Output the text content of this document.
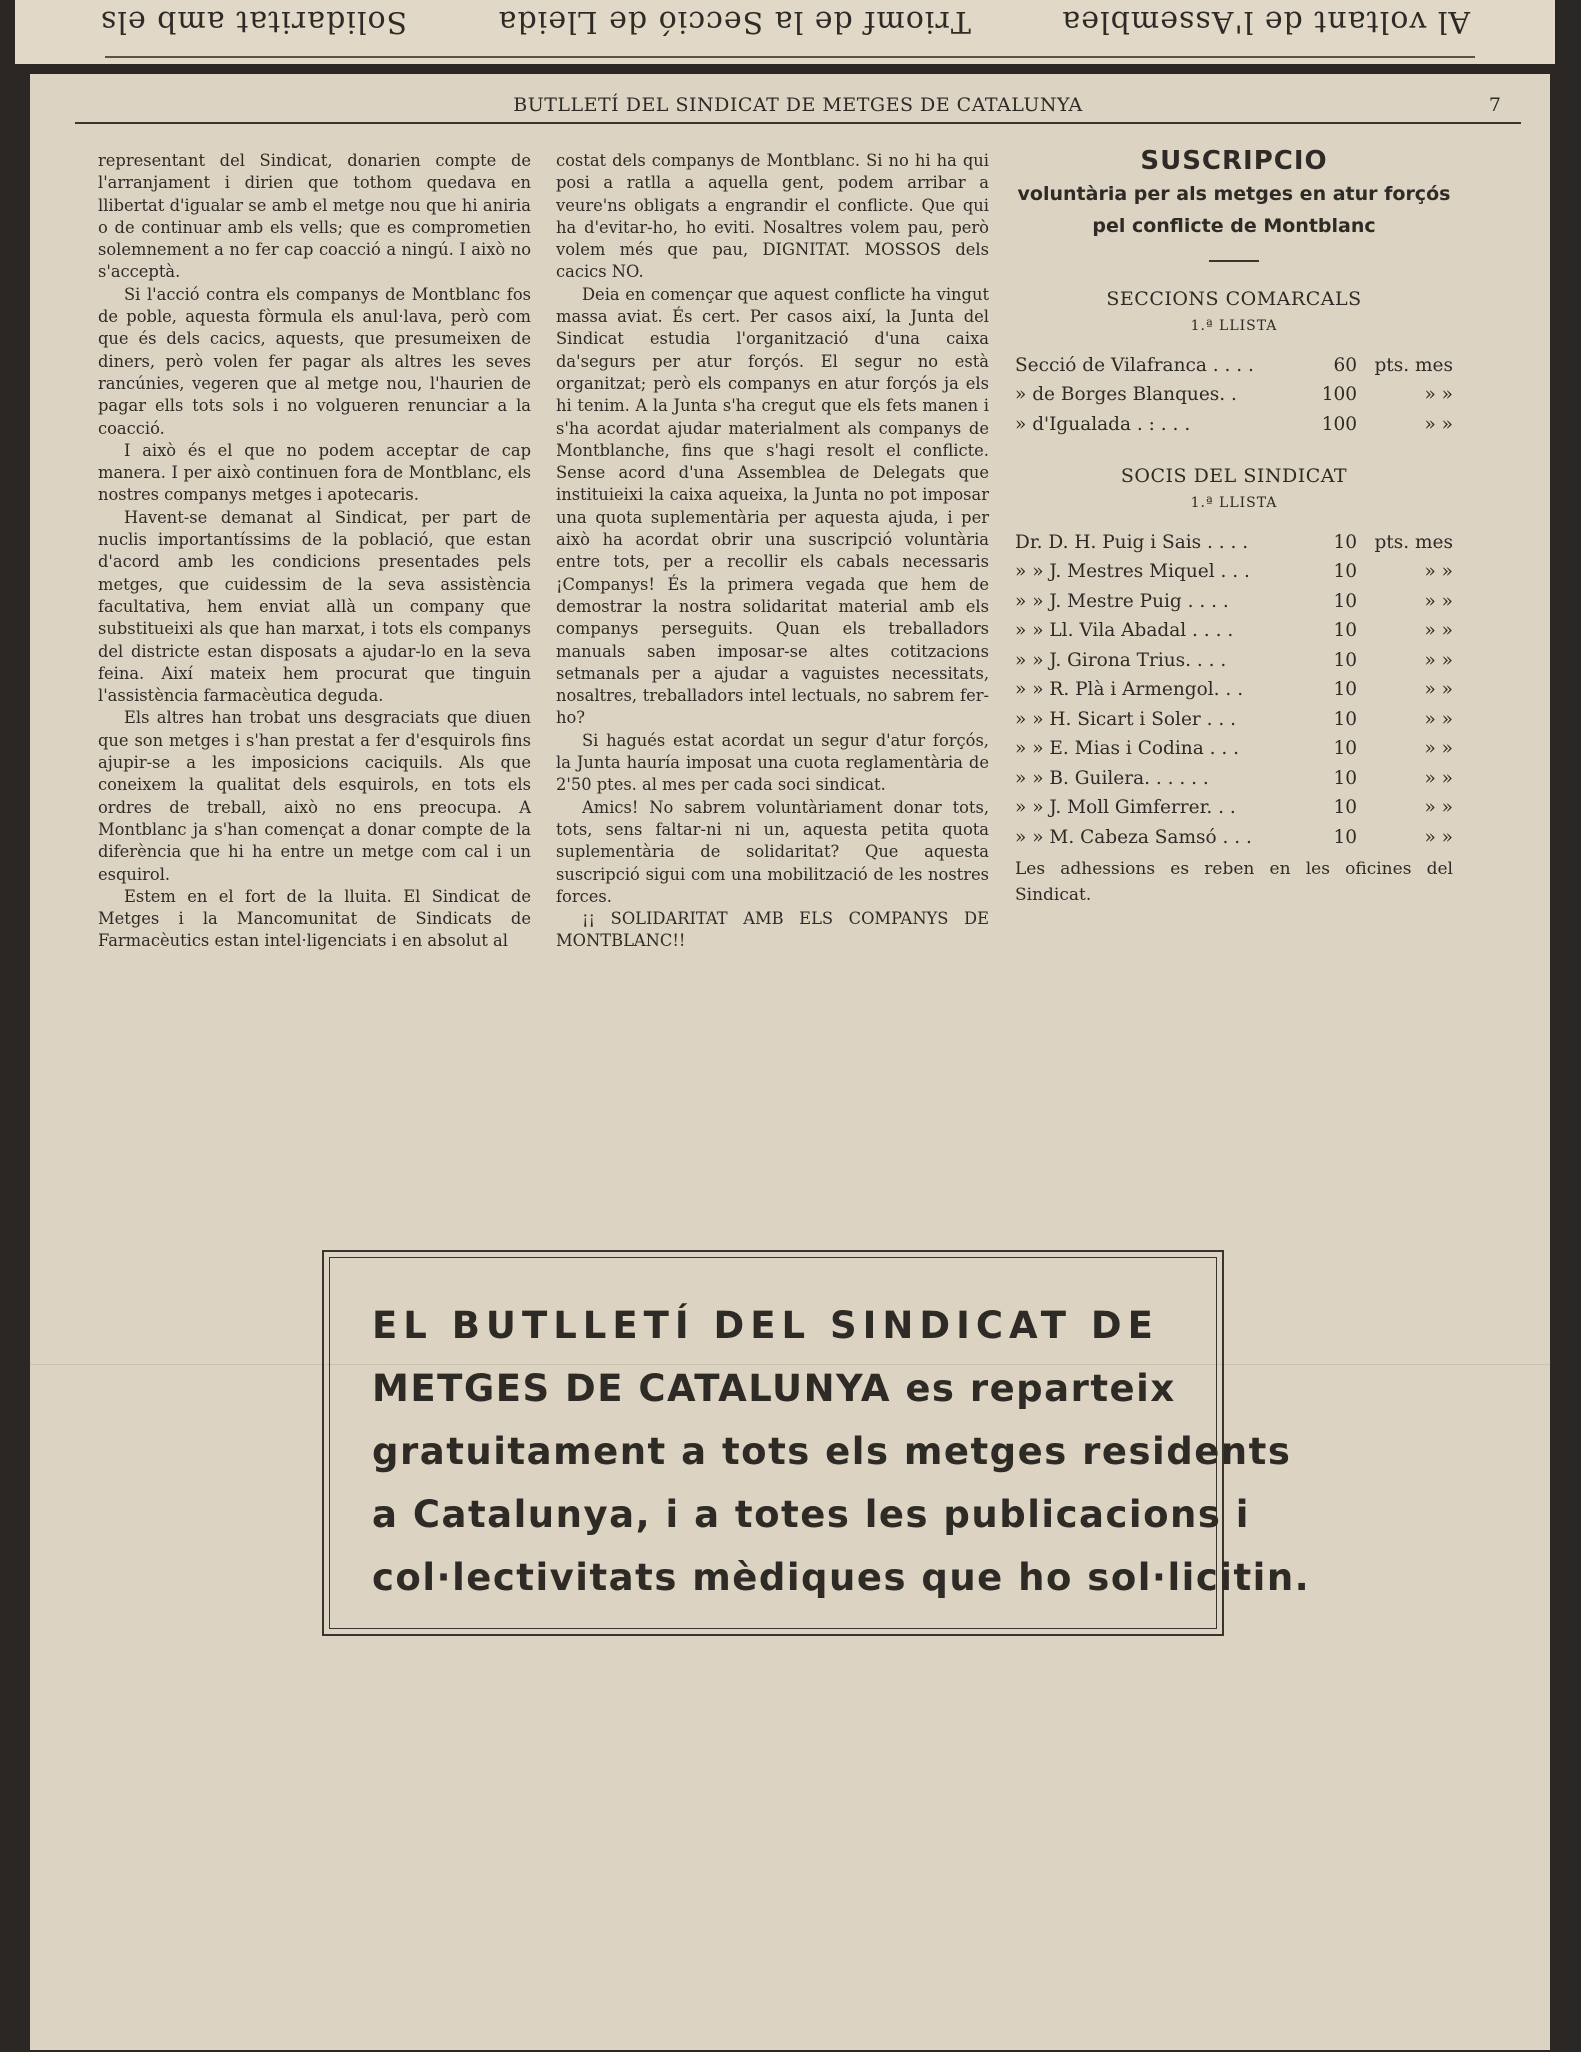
Al voltant de l'Assemblea Triomf de la Secció de Lleida Solidaritat amb els
BUTLLETÍ DEL SINDICAT DE METGES DE CATALUNYA	7

representant del Sindicat, donarien compte de l'arranjament i dirien que tothom quedava en llibertat d'igualar se amb el metge nou que hi aniria o de continuar amb els vells; que es comprometien solemnement a no fer cap coacció a ningú. I això no s'acceptà.

Si l'acció contra els companys de Montblanc fos de poble, aquesta fòrmula els anul·lava, però com que és dels cacics, aquests, que presumeixen de diners, però volen fer pagar als altres les seves rancúnies, vegeren que al metge nou, l'haurien de pagar ells tots sols i no volgueren renunciar a la coacció.

I això és el que no podem acceptar de cap manera. I per això continuen fora de Montblanc, els nostres companys metges i apotecaris.

Havent-se demanat al Sindicat, per part de nuclis importantíssims de la població, que estan d'acord amb les condicions presentades pels metges, que cuidessim de la seva assistència facultativa, hem enviat allà un company que substitueixi als que han marxat, i tots els companys del districte estan disposats a ajudar-lo en la seva feina. Així mateix hem procurat que tinguin l'assistència farmacèutica deguda.

Els altres han trobat uns desgraciats que diuen que son metges i s'han prestat a fer d'esquirols fins ajupir-se a les imposicions caciquils. Als que coneixem la qualitat dels esquirols, en tots els ordres de treball, això no ens preocupa. A Montblanc ja s'han començat a donar compte de la diferència que hi ha entre un metge com cal i un esquirol.

Estem en el fort de la lluita. El Sindicat de Metges i la Mancomunitat de Sindicats de Farmacèutics estan intel·ligenciats i en absolut al

costat dels companys de Montblanc. Si no hi ha qui posi a ratlla a aquella gent, podem arribar a veure'ns obligats a engrandir el conflicte. Que qui ha d'evitar-ho, ho eviti. Nosaltres volem pau, però volem més que pau, DIGNITAT. MOSSOS dels cacics NO.

Deia en començar que aquest conflicte ha vingut massa aviat. És cert. Per casos així, la Junta del Sindicat estudia l'organització d'una caixa da'segurs per atur forçós. El segur no està organitzat; però els companys en atur forçós ja els hi tenim. A la Junta s'ha cregut que els fets manen i s'ha acordat ajudar materialment als companys de Montblanche, fins que s'hagi resolt el conflicte. Sense acord d'una Assemblea de Delegats que instituieixi la caixa aqueixa, la Junta no pot imposar una quota suplementària per aquesta ajuda, i per això ha acordat obrir una suscripció voluntària entre tots, per a recollir els cabals necessaris ¡Companys! És la primera vegada que hem de demostrar la nostra solidaritat material amb els companys perseguits. Quan els treballadors manuals saben imposar-se altes cotitzacions setmanals per a ajudar a vaguistes necessitats, nosaltres, treballadors intel lectuals, no sabrem fer-ho?

Si hagués estat acordat un segur d'atur forçós, la Junta hauría imposat una cuota reglamentària de 2'50 ptes. al mes per cada soci sindicat.

Amics! No sabrem voluntàriament donar tots, tots, sens faltar-ni ni un, aquesta petita quota suplementària de solidaritat? Que aquesta suscripció sigui com una mobilització de les nostres forces.

¡¡ SOLIDARITAT AMB ELS COMPANYS DE MONTBLANC!!

SUSCRIPCIO
voluntària per als metges en atur forçós
pel conflicte de Montblanc
SECCIONS COMARCALS
1.ª LLISTA
Secció de Vilafranca . . . .	60 pts. mes
» de Borges Blanques. .	100	» »
» d'Igualada . : . . .	100	» »
SOCIS DEL SINDICAT
1.ª LLISTA
Dr. D. H. Puig i Sais . . . .	10 pts. mes
» » J. Mestres Miquel . . .	10	» »
» » J. Mestre Puig . . . .	10	» »
» » Ll. Vila Abadal . . . .	10	» »
» » J. Girona Trius. . . .	10	» »
» » R. Plà i Armengol. . .	10	» »
» » H. Sicart i Soler . . .	10	» »
» » E. Mias i Codina . . .	10	» »
» » B. Guilera. . . . . .	10	» »
» » J. Moll Gimferrer. . .	10	» »
» » M. Cabeza Samsó . . .	10	» »
Les adhessions es reben en les oficines del Sindicat.
EL BUTLLETÍ DEL SINDICAT DE
METGES DE CATALUNYA es reparteix
gratuitament a tots els metges residents
a Catalunya, i a totes les publicacions i
col·lectivitats mèdiques que ho sol·licitin.
